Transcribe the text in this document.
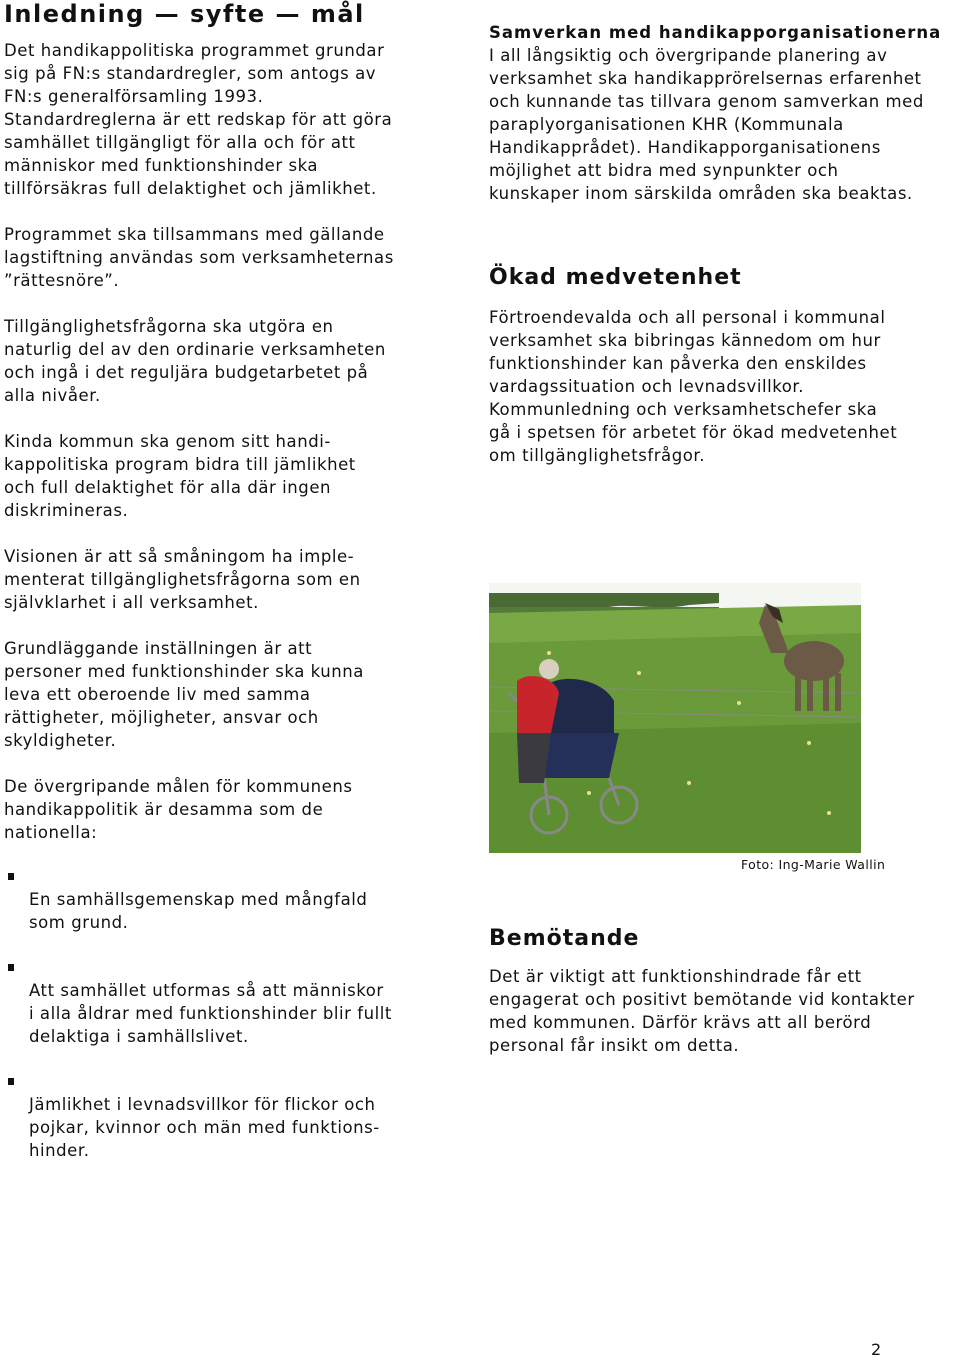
Inledning — syfte — mål

Det handikappolitiska programmet grundar
sig på FN:s standardregler, som antogs av
FN:s generalförsamling 1993.
Standardreglerna är ett redskap för att göra
samhället tillgängligt för alla och för att
människor med funktionshinder ska
tillförsäkras full delaktighet och jämlikhet.

Programmet ska tillsammans med gällande
lagstiftning användas som verksamheternas
”rättesnöre”.

Tillgänglighetsfrågorna ska utgöra en
naturlig del av den ordinarie verksamheten
och ingå i det reguljära budgetarbetet på
alla nivåer.

Kinda kommun ska genom sitt handi-
kappolitiska program bidra till jämlikhet
och full delaktighet för alla där ingen
diskrimineras.

Visionen är att så småningom ha imple-
menterat tillgänglighetsfrågorna som en
självklarhet i all verksamhet.

Grundläggande inställningen är att
personer med funktionshinder ska kunna
leva ett oberoende liv med samma
rättigheter, möjligheter, ansvar och
skyldigheter.

De övergripande målen för kommunens
handikappolitik är desamma som de
nationella:

En samhällsgemenskap med mångfald
som grund.

Att samhället utformas så att människor
i alla åldrar med funktionshinder blir fullt
delaktiga i samhällslivet.

Jämlikhet i levnadsvillkor för flickor och
pojkar, kvinnor och män med funktions-
hinder.

Samverkan med handikapporganisationerna

I all långsiktig och övergripande planering av
verksamhet ska handikapprörelsernas erfarenhet
och kunnande tas tillvara genom samverkan med
paraplyorganisationen KHR (Kommunala
Handikapprådet). Handikapporganisationens
möjlighet att bidra med synpunkter och
kunskaper inom särskilda områden ska beaktas.

Ökad medvetenhet

Förtroendevalda och all personal i kommunal
verksamhet ska bibringas kännedom om hur
funktionshinder kan påverka den enskildes
vardagssituation och levnadsvillkor.
Kommunledning och verksamhetschefer ska
gå i spetsen för arbetet för ökad medvetenhet
om tillgänglighetsfrågor.

Foto: Ing-Marie Wallin
Bemötande

Det är viktigt att funktionshindrade får ett
engagerat och positivt bemötande vid kontakter
med kommunen. Därför krävs att all berörd
personal får insikt om detta.

2
